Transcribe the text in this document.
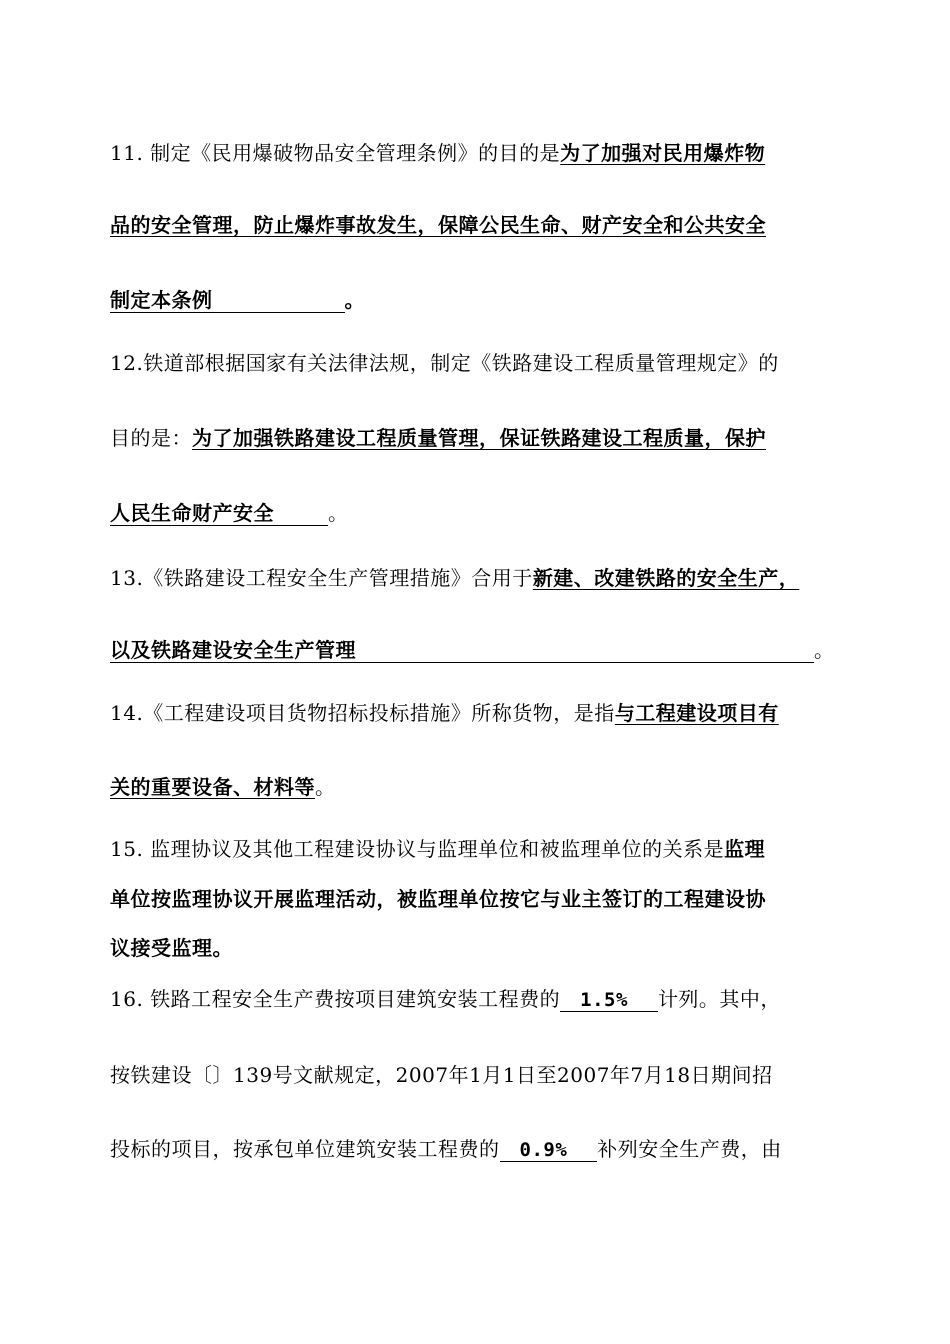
11. 制定《民用爆破物品安全管理条例》的目的是为了加强对民用爆炸物
品的安全管理，防止爆炸事故发生，保障公民生命、财产安全和公共安全
制定本条例	。
12.铁道部根据国家有关法律法规，制定《铁路建设工程质量管理规定》的
目的是：为了加强铁路建设工程质量管理，保证铁路建设工程质量，保护
人民生命财产安全	。
13.《铁路建设工程安全生产管理措施》合用于新建、改建铁路的安全生产，
以及铁路建设安全生产管理	。
14.《工程建设项目货物招标投标措施》所称货物，是指与工程建设项目有
关的重要设备、材料等。
15. 监理协议及其他工程建设协议与监理单位和被监理单位的关系是监理
单位按监理协议开展监理活动，被监理单位按它与业主签订的工程建设协
议接受监理。
16. 铁路工程安全生产费按项目建筑安装工程费的 1.5% 计列。其中，
按铁建设〔〕139号文献规定，2007年1月1日至2007年7月18日期间招
投标的项目，按承包单位建筑安装工程费的 0.9% 补列安全生产费，由
